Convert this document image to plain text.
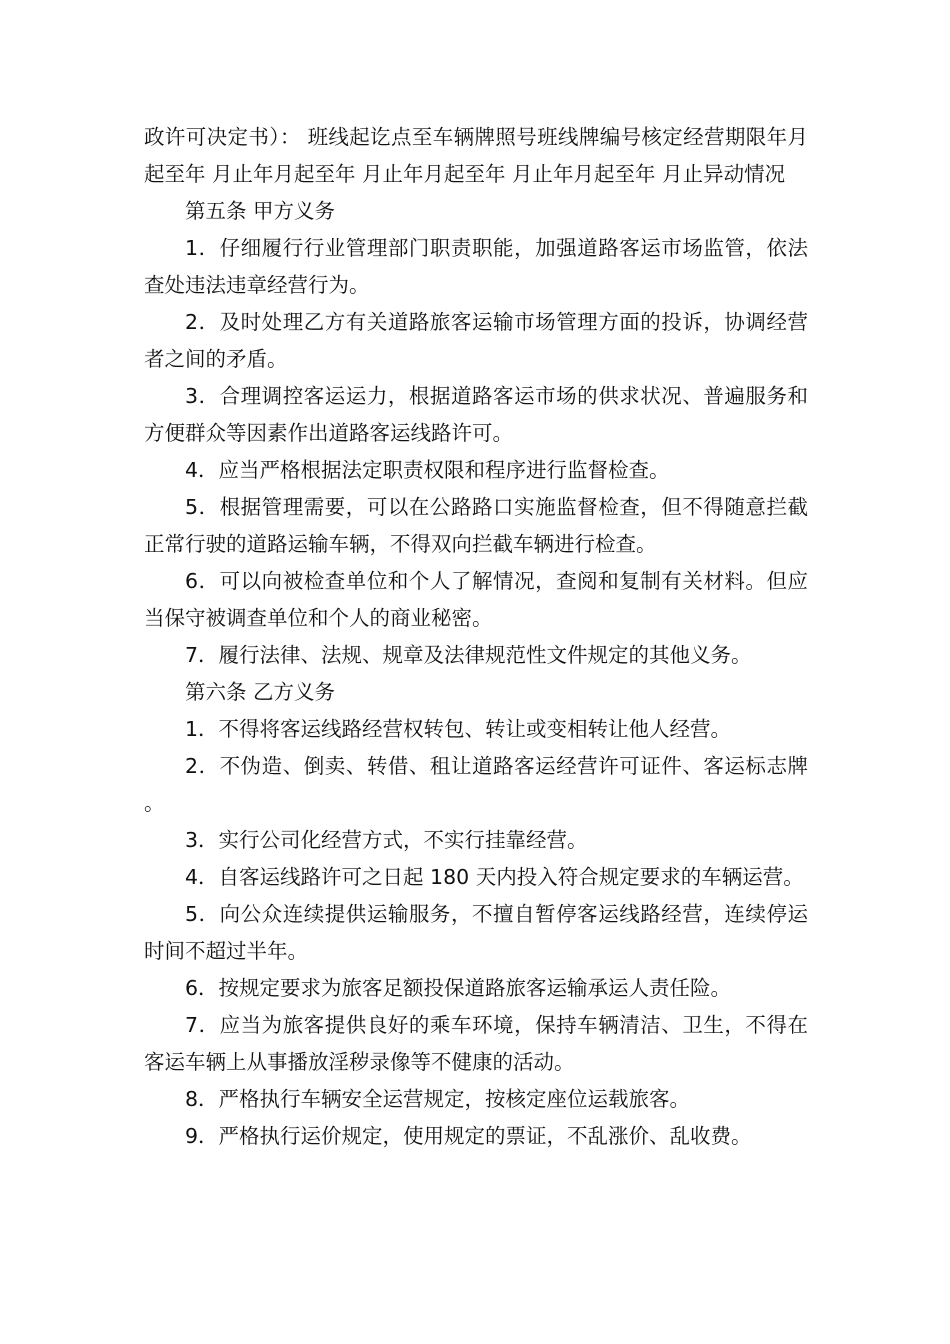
政许可决定书）： 班线起讫点至车辆牌照号班线牌编号核定经营期限年月起至年 月止年月起至年 月止年月起至年 月止年月起至年 月止异动情况

第五条 甲方义务

1．仔细履行行业管理部门职责职能，加强道路客运市场监管，依法查处违法违章经营行为。

2．及时处理乙方有关道路旅客运输市场管理方面的投诉，协调经营者之间的矛盾。

3．合理调控客运运力，根据道路客运市场的供求状况、普遍服务和方便群众等因素作出道路客运线路许可。

4．应当严格根据法定职责权限和程序进行监督检查。

5．根据管理需要，可以在公路路口实施监督检查，但不得随意拦截正常行驶的道路运输车辆，不得双向拦截车辆进行检查。

6．可以向被检查单位和个人了解情况，查阅和复制有关材料。但应当保守被调查单位和个人的商业秘密。

7．履行法律、法规、规章及法律规范性文件规定的其他义务。

第六条 乙方义务

1．不得将客运线路经营权转包、转让或变相转让他人经营。

2．不伪造、倒卖、转借、租让道路客运经营许可证件、客运标志牌。

3．实行公司化经营方式，不实行挂靠经营。

4．自客运线路许可之日起 180 天内投入符合规定要求的车辆运营。

5．向公众连续提供运输服务，不擅自暂停客运线路经营，连续停运时间不超过半年。

6．按规定要求为旅客足额投保道路旅客运输承运人责任险。

7．应当为旅客提供良好的乘车环境，保持车辆清洁、卫生，不得在客运车辆上从事播放淫秽录像等不健康的活动。

8．严格执行车辆安全运营规定，按核定座位运载旅客。

9．严格执行运价规定，使用规定的票证，不乱涨价、乱收费。
